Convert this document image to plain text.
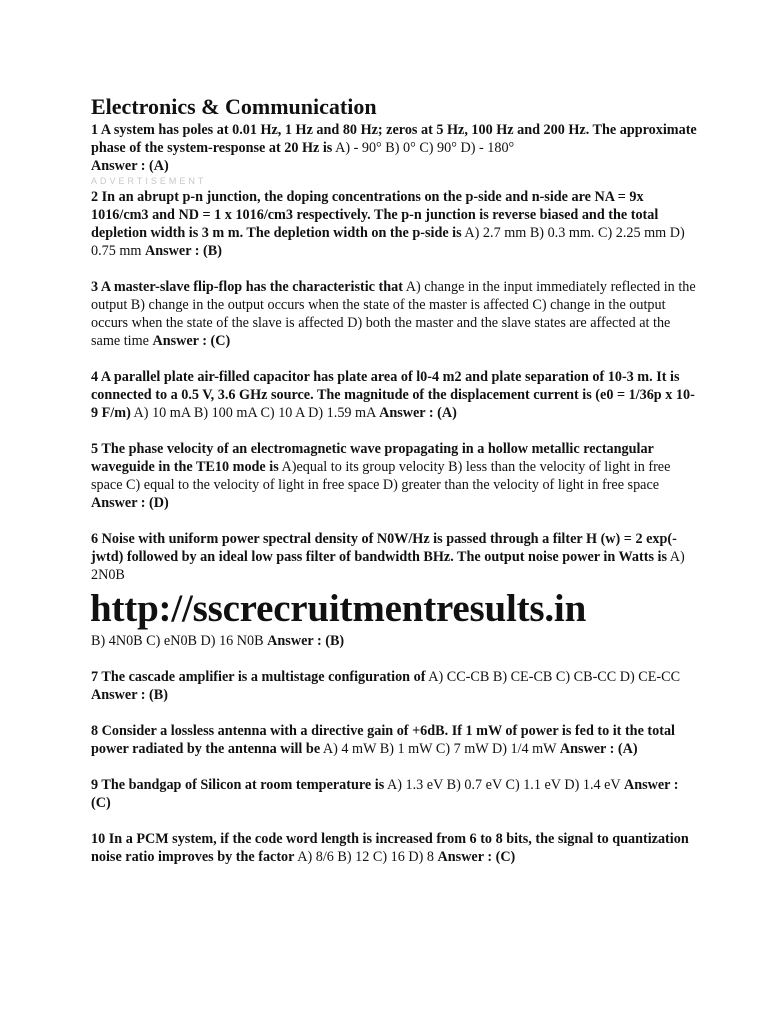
Electronics & Communication

1 A system has poles at 0.01 Hz, 1 Hz and 80 Hz; zeros at 5 Hz, 100 Hz and 200 Hz. The approximate phase of the system-response at 20 Hz is A) - 90° B) 0° C) 90° D) - 180°
Answer : (A)

ADVERTISEMENT

2 In an abrupt p-n junction, the doping concentrations on the p-side and n-side are NA = 9x 1016/cm3 and ND = 1 x 1016/cm3 respectively. The p-n junction is reverse biased and the total depletion width is 3 m m. The depletion width on the p-side is A) 2.7 mm B) 0.3 mm. C) 2.25 mm D) 0.75 mm Answer : (B)

3 A master-slave flip-flop has the characteristic that A) change in the input immediately reflected in the output B) change in the output occurs when the state of the master is affected C) change in the output occurs when the state of the slave is affected D) both the master and the slave states are affected at the same time Answer : (C)

4 A parallel plate air-filled capacitor has plate area of l0-4 m2 and plate separation of 10-3 m. It is connected to a 0.5 V, 3.6 GHz source. The magnitude of the displacement current is (e0 = 1/36p x 10-9 F/m) A) 10 mA B) 100 mA C) 10 A D) 1.59 mA Answer : (A)

5 The phase velocity of an electromagnetic wave propagating in a hollow metallic rectangular waveguide in the TE10 mode is A)equal to its group velocity B) less than the velocity of light in free space C) equal to the velocity of light in free space D) greater than the velocity of light in free space Answer : (D)

6 Noise with uniform power spectral density of N0W/Hz is passed through a filter H (w) = 2 exp(-jwtd) followed by an ideal low pass filter of bandwidth BHz. The output noise power in Watts is A) 2N0B

http://sscrecruitmentresults.in

B) 4N0B C) eN0B D) 16 N0B Answer : (B)

7 The cascade amplifier is a multistage configuration of A) CC-CB B) CE-CB C) CB-CC D) CE-CC Answer : (B)

8 Consider a lossless antenna with a directive gain of +6dB. If 1 mW of power is fed to it the total power radiated by the antenna will be A) 4 mW B) 1 mW C) 7 mW D) 1/4 mW Answer : (A)

9 The bandgap of Silicon at room temperature is A) 1.3 eV B) 0.7 eV C) 1.1 eV D) 1.4 eV Answer : (C)

10 In a PCM system, if the code word length is increased from 6 to 8 bits, the signal to quantization noise ratio improves by the factor A) 8/6 B) 12 C) 16 D) 8 Answer : (C)
